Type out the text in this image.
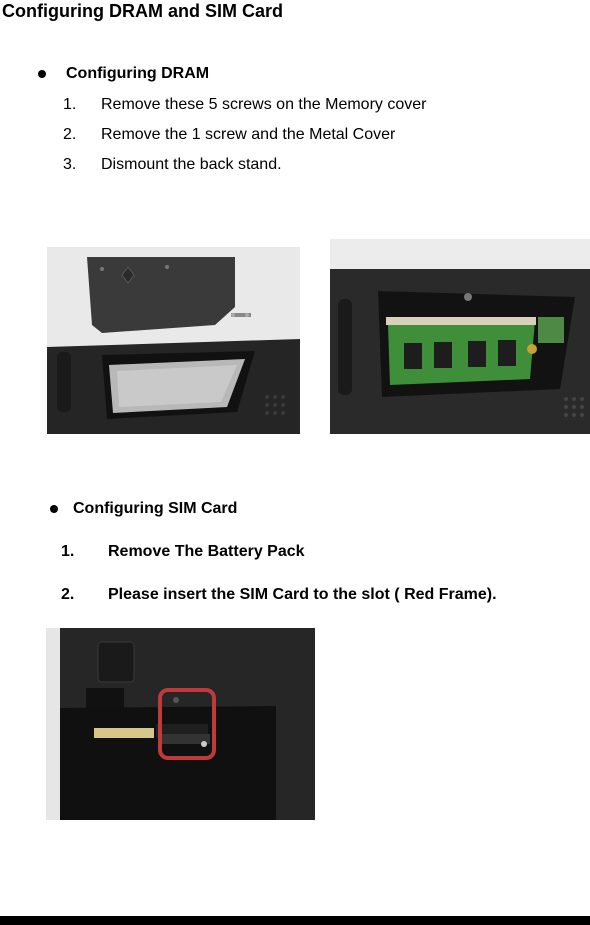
Configuring DRAM and SIM Card
Configuring DRAM
1. Remove these 5 screws on the Memory cover
2. Remove the 1 screw and the Metal Cover
3. Dismount the back stand.
Configuring SIM Card
1. Remove The Battery Pack
2. Please insert the SIM Card to the slot ( Red Frame).
